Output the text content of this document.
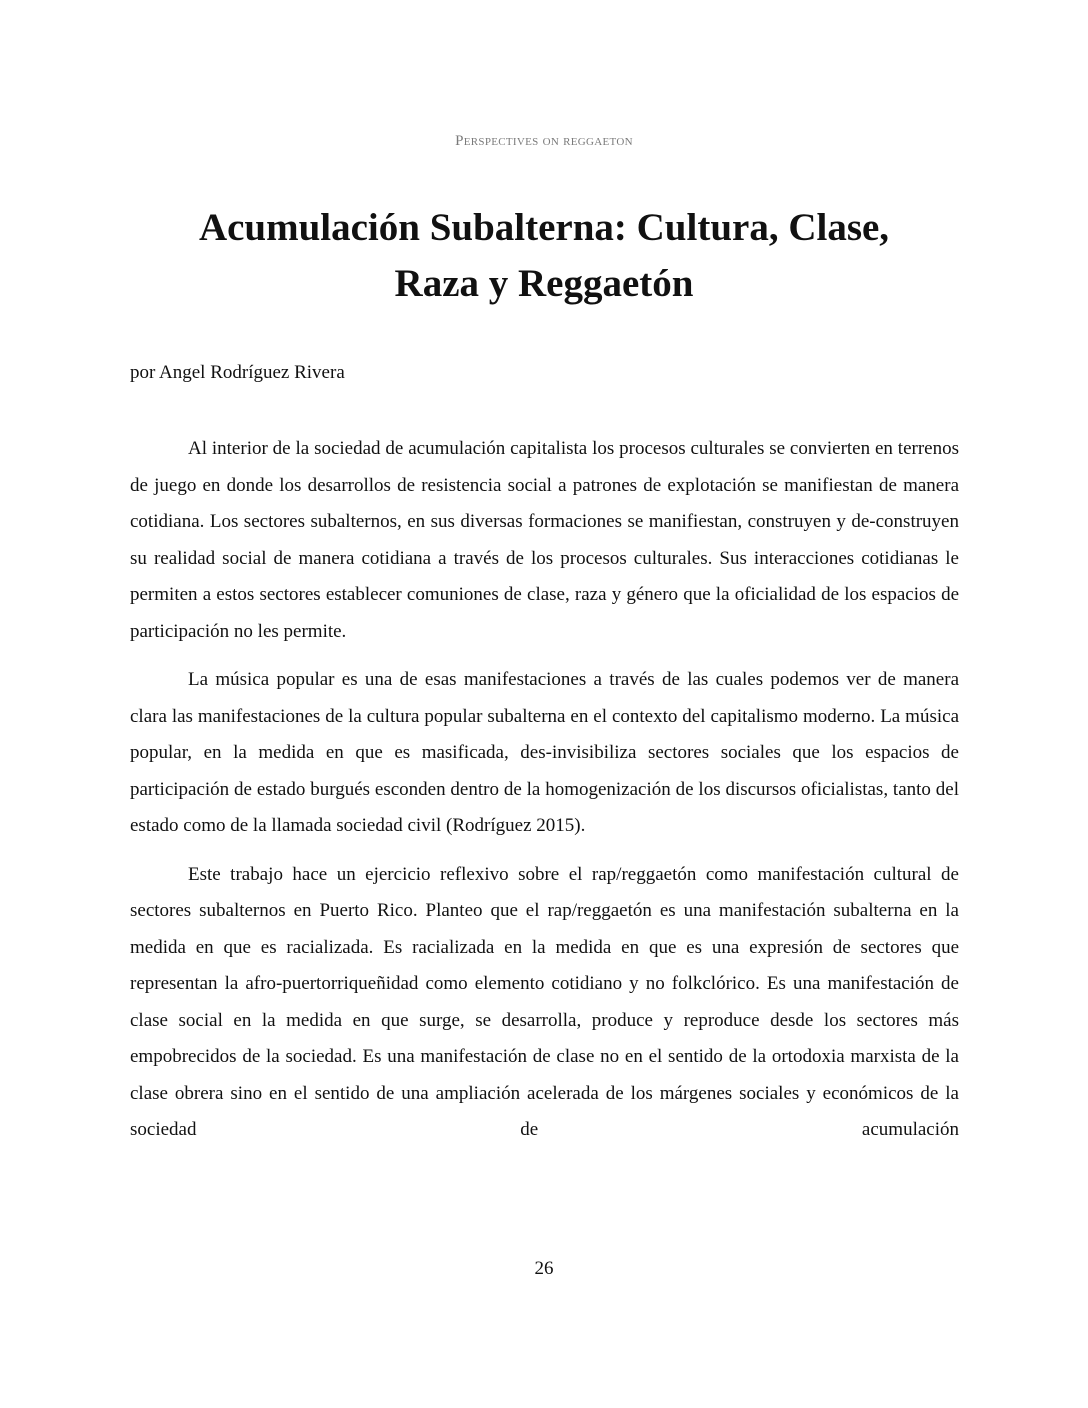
Perspectives on reggaeton
Acumulación Subalterna: Cultura, Clase,
Raza y Reggaetón
por Angel Rodríguez Rivera

Al interior de la sociedad de acumulación capitalista los procesos culturales se convierten en terrenos de juego en donde los desarrollos de resistencia social a patrones de explotación se manifiestan de manera cotidiana. Los sectores subalternos, en sus diversas formaciones se manifiestan, construyen y de-construyen su realidad social de manera cotidiana a través de los procesos culturales. Sus interacciones cotidianas le permiten a estos sectores establecer comuniones de clase, raza y género que la oficialidad de los espacios de participación no les permite.

La música popular es una de esas manifestaciones a través de las cuales podemos ver de manera clara las manifestaciones de la cultura popular subalterna en el contexto del capitalismo moderno. La música popular, en la medida en que es masificada, des-invisibiliza sectores sociales que los espacios de participación de estado burgués esconden dentro de la homogenización de los discursos oficialistas, tanto del estado como de la llamada sociedad civil (Rodríguez 2015).

Este trabajo hace un ejercicio reflexivo sobre el rap/reggaetón como manifestación cultural de sectores subalternos en Puerto Rico. Planteo que el rap/reggaetón es una manifestación subalterna en la medida en que es racializada. Es racializada en la medida en que es una expresión de sectores que representan la afro-puertorriqueñidad como elemento cotidiano y no folkclórico. Es una manifestación de clase social en la medida en que surge, se desarrolla, produce y reproduce desde los sectores más empobrecidos de la sociedad. Es una manifestación de clase no en el sentido de la ortodoxia marxista de la clase obrera sino en el sentido de una ampliación acelerada de los márgenes sociales y económicos de la sociedad de acumulación

26
